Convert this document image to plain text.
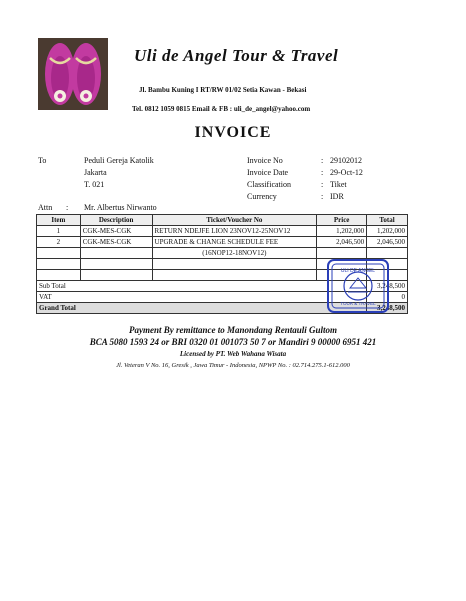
Uli de Angel Tour & Travel
Jl. Bambu Kuning I RT/RW 01/02 Setia Kawan - Bekasi
Tel. 0812 1059 0815 Email & FB : uli_de_angel@yahoo.com
INVOICE
To	Peduli Gereja Katolik
Jakarta
T. 021
Invoice No	: 29102012
Invoice Date	: 29-Oct-12
Classification	: Tiket
Currency	: IDR
Attn : Mr. Albertus Nirwanto
Item	Description	Ticket/Voucher No	Price	Total
1	CGK-MES-CGK	RETURN NDEJFE LION 23NOV12-25NOV12	1,202,000	1,202,000
2	CGK-MES-CGK	UPGRADE & CHANGE SCHEDULE FEE	2,046,500	2,046,500
		(16NOP12-18NOV12)		

Sub Total				3,248,500
VAT				0
Grand Total				3,248,500
ULI DE ANGEL
TOUR & TRAVEL
Payment By remittance to Manondang Rentauli Gultom
BCA 5080 1593 24 or BRI 0320 01 001073 50 7 or Mandiri 9 00000 6951 421
Licensed by PT. Web Wahana Wisata
Jl. Veteran V No. 16, Gresik , Jawa Timur - Indonesia, NPWP No. : 02.714.275.1-612.000
